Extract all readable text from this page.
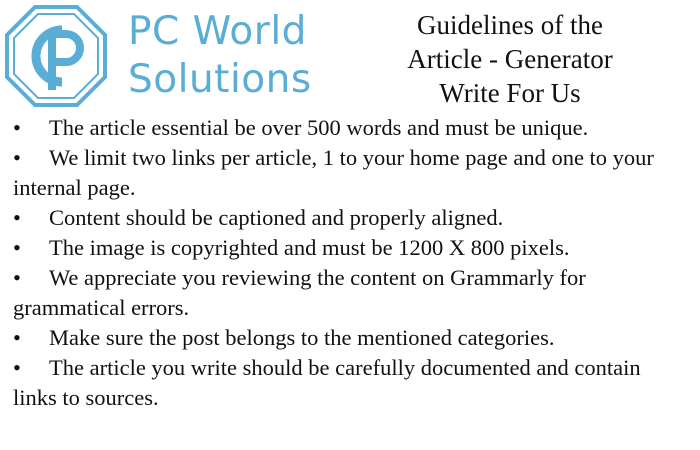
PC World
Solutions
Guidelines of the
Article - Generator
Write For Us
• The article essential be over 500 words and must be unique.
• We limit two links per article, 1 to your home page and one to your internal page.
• Content should be captioned and properly aligned.
• The image is copyrighted and must be 1200 X 800 pixels.
• We appreciate you reviewing the content on Grammarly for grammatical errors.
• Make sure the post belongs to the mentioned categories.
• The article you write should be carefully documented and contain links to sources.
